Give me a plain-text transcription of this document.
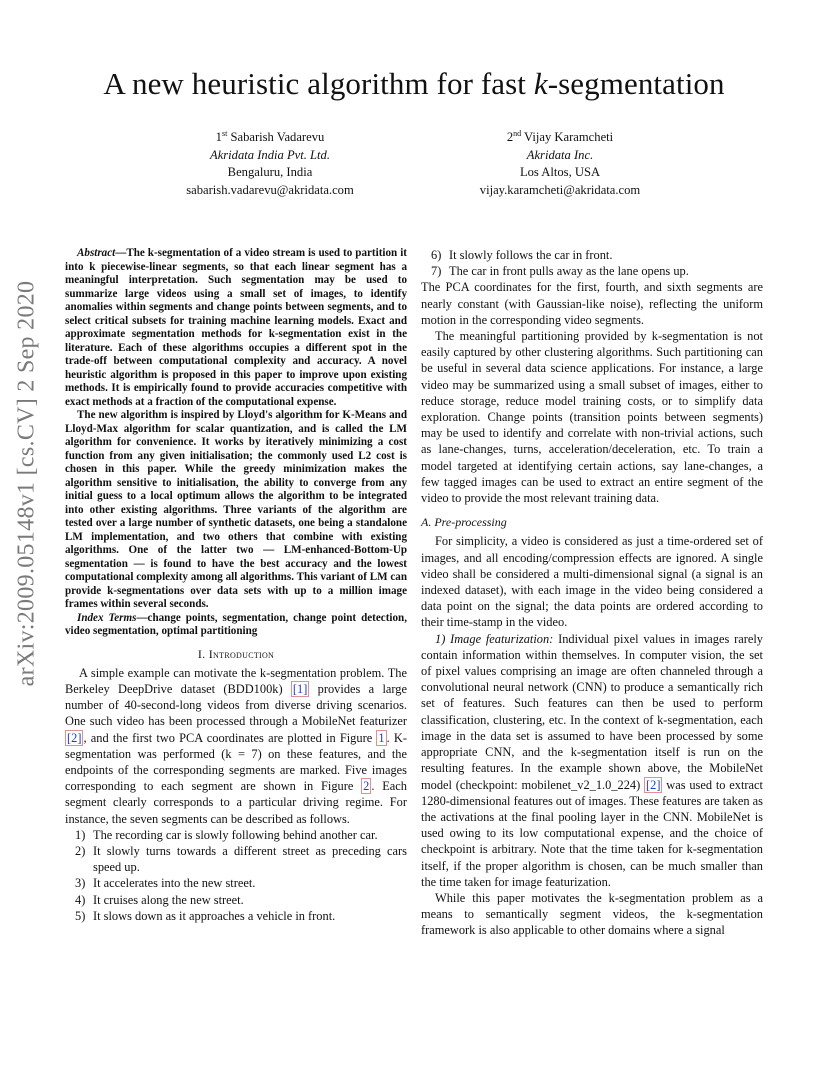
A new heuristic algorithm for fast k-segmentation
1st Sabarish Vadarevu
Akridata India Pvt. Ltd.
Bengaluru, India
sabarish.vadarevu@akridata.com
2nd Vijay Karamcheti
Akridata Inc.
Los Altos, USA
vijay.karamcheti@akridata.com
arXiv:2009.05148v1 [cs.CV] 2 Sep 2020

Abstract—The k-segmentation of a video stream is used to partition it into k piecewise-linear segments, so that each linear segment has a meaningful interpretation. Such segmentation may be used to summarize large videos using a small set of images, to identify anomalies within segments and change points between segments, and to select critical subsets for training machine learning models. Exact and approximate segmentation methods for k-segmentation exist in the literature. Each of these algorithms occupies a different spot in the trade-off between computational complexity and accuracy. A novel heuristic algorithm is proposed in this paper to improve upon existing methods. It is empirically found to provide accuracies competitive with exact methods at a fraction of the computational expense.

The new algorithm is inspired by Lloyd's algorithm for K-Means and Lloyd-Max algorithm for scalar quantization, and is called the LM algorithm for convenience. It works by iteratively minimizing a cost function from any given initialisation; the commonly used L2 cost is chosen in this paper. While the greedy minimization makes the algorithm sensitive to initialisation, the ability to converge from any initial guess to a local optimum allows the algorithm to be integrated into other existing algorithms. Three variants of the algorithm are tested over a large number of synthetic datasets, one being a standalone LM implementation, and two others that combine with existing algorithms. One of the latter two — LM-enhanced-Bottom-Up segmentation — is found to have the best accuracy and the lowest computational complexity among all algorithms. This variant of LM can provide k-segmentations over data sets with up to a million image frames within several seconds.

Index Terms—change points, segmentation, change point detection, video segmentation, optimal partitioning

I. Introduction

A simple example can motivate the k-segmentation problem. The Berkeley DeepDrive dataset (BDD100k) [1] provides a large number of 40-second-long videos from diverse driving scenarios. One such video has been processed through a MobileNet featurizer [2] , and the first two PCA coordinates are plotted in Figure 1 . K-segmentation was performed (k = 7) on these features, and the endpoints of the corresponding segments are marked. Five images corresponding to each segment are shown in Figure 2 . Each segment clearly corresponds to a particular driving regime. For instance, the seven segments can be described as follows.

1) The recording car is slowly following behind another car.
2) It slowly turns towards a different street as preceding cars speed up.
3) It accelerates into the new street.
4) It cruises along the new street.
5) It slows down as it approaches a vehicle in front.
6) It slowly follows the car in front.
7) The car in front pulls away as the lane opens up.

The PCA coordinates for the first, fourth, and sixth segments are nearly constant (with Gaussian-like noise), reflecting the uniform motion in the corresponding video segments.

The meaningful partitioning provided by k-segmentation is not easily captured by other clustering algorithms. Such partitioning can be useful in several data science applications. For instance, a large video may be summarized using a small subset of images, either to reduce storage, reduce model training costs, or to simplify data exploration. Change points (transition points between segments) may be used to identify and correlate with non-trivial actions, such as lane-changes, turns, acceleration/deceleration, etc. To train a model targeted at identifying certain actions, say lane-changes, a few tagged images can be used to extract an entire segment of the video to provide the most relevant training data.

A. Pre-processing

For simplicity, a video is considered as just a time-ordered set of images, and all encoding/compression effects are ignored. A single video shall be considered a multi-dimensional signal (a signal is an indexed dataset), with each image in the video being considered a data point on the signal; the data points are ordered according to their time-stamp in the video.

1) Image featurization: Individual pixel values in images rarely contain information within themselves. In computer vision, the set of pixel values comprising an image are often channeled through a convolutional neural network (CNN) to produce a semantically rich set of features. Such features can then be used to perform classification, clustering, etc. In the context of k-segmentation, each image in the data set is assumed to have been processed by some appropriate CNN, and the k-segmentation itself is run on the resulting features. In the example shown above, the MobileNet model (checkpoint: mobilenet_v2_1.0_224) [2] was used to extract 1280-dimensional features out of images. These features are taken as the activations at the final pooling layer in the CNN. MobileNet is used owing to its low computational expense, and the choice of checkpoint is arbitrary. Note that the time taken for k-segmentation itself, if the proper algorithm is chosen, can be much smaller than the time taken for image featurization.

While this paper motivates the k-segmentation problem as a means to semantically segment videos, the k-segmentation framework is also applicable to other domains where a signal
